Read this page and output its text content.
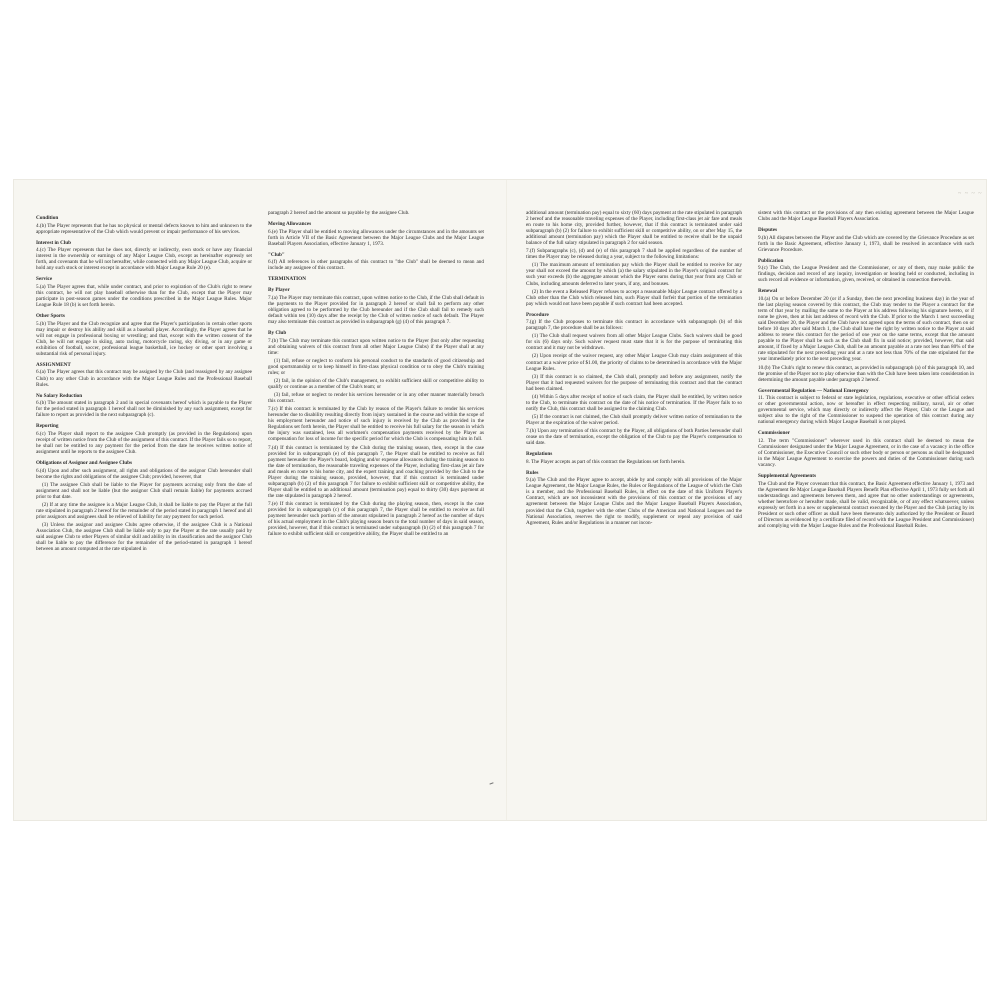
~ ~ ~ ~
Condition
4.(b) The Player represents that he has no physical or mental defects known to him and unknown to the appropriate representative of the Club which would prevent or impair performance of his services.
Interest in Club
4.(c) The Player represents that he does not, directly or indirectly, own stock or have any financial interest in the ownership or earnings of any Major League Club, except as hereinafter expressly set forth, and covenants that he will not hereafter, while connected with any Major League Club, acquire or hold any such stock or interest except in accordance with Major League Rule 20 (e).
Service
5.(a) The Player agrees that, while under contract, and prior to expiration of the Club's right to renew this contract, he will not play baseball otherwise than for the Club, except that the Player may participate in post-season games under the conditions prescribed in the Major League Rules. Major League Rule 18 (b) is set forth herein.
Other Sports
5.(b) The Player and the Club recognize and agree that the Player's participation in certain other sports may impair or destroy his ability and skill as a baseball player. Accordingly, the Player agrees that he will not engage in professional boxing or wrestling; and that, except with the written consent of the Club, he will not engage in skiing, auto racing, motorcycle racing, sky diving, or in any game or exhibition of football, soccer, professional league basketball, ice hockey or other sport involving a substantial risk of personal injury.
ASSIGNMENT
6.(a) The Player agrees that this contract may be assigned by the Club (and reassigned by any assignee Club) to any other Club in accordance with the Major League Rules and the Professional Baseball Rules.
No Salary Reduction
6.(b) The amount stated in paragraph 2 and in special covenants hereof which is payable to the Player for the period stated in paragraph 1 hereof shall not be diminished by any such assignment, except for failure to report as provided in the next subparagraph (c).
Reporting
6.(c) The Player shall report to the assignee Club promptly (as provided in the Regulations) upon receipt of written notice from the Club of the assignment of this contract. If the Player fails so to report, he shall not be entitled to any payment for the period from the date he receives written notice of assignment until he reports to the assignee Club.
Obligations of Assignor and Assignee Clubs
6.(d) Upon and after such assignment, all rights and obligations of the assignor Club hereunder shall become the rights and obligations of the assignee Club; provided, however, that
(1) The assignee Club shall be liable to the Player for payments accruing only from the date of assignment and shall not be liable (but the assignor Club shall remain liable) for payments accrued prior to that date.
(2) If at any time the assignee is a Major League Club, it shall be liable to pay the Player at the full rate stipulated in paragraph 2 hereof for the remainder of the period stated in paragraph 1 hereof and all prior assignors and assignees shall be relieved of liability for any payment for such period.
(3) Unless the assignor and assignee Clubs agree otherwise, if the assignee Club is a National Association Club, the assignee Club shall be liable only to pay the Player at the rate usually paid by said assignee Club to other Players of similar skill and ability in its classification and the assignor Club shall be liable to pay the difference for the remainder of the period-stated in paragraph 1 hereof between an amount computed at the rate stipulated in
paragraph 2 hereof and the amount so payable by the assignee Club.
Moving Allowances
6.(e) The Player shall be entitled to moving allowances under the circumstances and in the amounts set forth in Article VII of the Basic Agreement between the Major League Clubs and the Major League Baseball Players Association, effective January 1, 1973.
"Club"
6.(f) All references in other paragraphs of this contract to "the Club" shall be deemed to mean and include any assignee of this contract.
TERMINATION
By Player
7.(a) The Player may terminate this contract, upon written notice to the Club, if the Club shall default in the payments to the Player provided for in paragraph 2 hereof or shall fail to perform any other obligation agreed to be performed by the Club hereunder and if the Club shall fail to remedy such default within ten (10) days after the receipt by the Club of written notice of such default. The Player may also terminate this contract as provided in subparagraph (g) (4) of this paragraph 7.
By Club
7.(b) The Club may terminate this contract upon written notice to the Player (but only after requesting and obtaining waivers of this contract from all other Major League Clubs) if the Player shall at any time:
(1) fail, refuse or neglect to conform his personal conduct to the standards of good citizenship and good sportsmanship or to keep himself in first-class physical condition or to obey the Club's training rules; or
(2) fail, in the opinion of the Club's management, to exhibit sufficient skill or competitive ability to qualify or continue as a member of the Club's team; or
(3) fail, refuse or neglect to render his services hereunder or in any other manner materially breach this contract.
7.(c) If this contract is terminated by the Club by reason of the Player's failure to render his services hereunder due to disability resulting directly from injury sustained in the course and within the scope of his employment hereunder and notice of such injury is received by the Club as provided in the Regulations set forth herein, the Player shall be entitled to receive his full salary for the season in which the injury was sustained, less all workmen's compensation payments received by the Player as compensation for loss of income for the specific period for which the Club is compensating him in full.
7.(d) If this contract is terminated by the Club during the training season, then, except in the case provided for in subparagraph (e) of this paragraph 7, the Player shall be entitled to receive as full payment hereunder the Player's board, lodging and/or expense allowances during the training season to the date of termination, the reasonable traveling expenses of the Player, including first-class jet air fare and meals en route to his home city, and the expert training and coaching provided by the Club to the Player during the training season, provided, however, that if this contract is terminated under subparagraph (b) (2) of this paragraph 7 for failure to exhibit sufficient skill or competitive ability, the Player shall be entitled to an additional amount (termination pay) equal to thirty (30) days payment at the rate stipulated in paragraph 2 hereof.
7.(e) If this contract is terminated by the Club during the playing season, then, except in the case provided for in subparagraph (c) of this paragraph 7, the Player shall be entitled to receive as full payment hereunder such portion of the amount stipulated in paragraph 2 hereof as the number of days of his actual employment in the Club's playing season bears to the total number of days in said season, provided, however, that if this contract is terminated under subparagraph (b) (2) of this paragraph 7 for failure to exhibit sufficient skill or competitive ability, the Player shall be entitled to an
additional amount (termination pay) equal to sixty (60) days payment at the rate stipulated in paragraph 2 hereof and the reasonable traveling expenses of the Player, including first-class jet air fare and meals en route to his home city, provided further, however, that if this contract is terminated under said subparagraph (b) (2) for failure to exhibit sufficient skill or competitive ability, on or after May 15, the additional amount (termination pay) which the Player shall be entitled to receive shall be the unpaid balance of the full salary stipulated in paragraph 2 for said season.
7.(f) Subparagraphs (c), (d) and (e) of this paragraph 7 shall be applied regardless of the number of times the Player may be released during a year, subject to the following limitations:
(1) The maximum amount of termination pay which the Player shall be entitled to receive for any year shall not exceed the amount by which (a) the salary stipulated in the Player's original contract for such year exceeds (b) the aggregate amount which the Player earns during that year from any Club or Clubs, including amounts deferred to later years, if any, and bonuses.
(2) In the event a Released Player refuses to accept a reasonable Major League contract offered by a Club other than the Club which released him, such Player shall forfeit that portion of the termination pay which would not have been payable if such contract had been accepted.
Procedure
7.(g) If the Club proposes to terminate this contract in accordance with subparagraph (b) of this paragraph 7, the procedure shall be as follows:
(1) The Club shall request waivers from all other Major League Clubs. Such waivers shall be good for six (6) days only. Such waiver request must state that it is for the purpose of terminating this contract and it may not be withdrawn.
(2) Upon receipt of the waiver request, any other Major League Club may claim assignment of this contract at a waiver price of $1.00, the priority of claims to be determined in accordance with the Major League Rules.
(3) If this contract is so claimed, the Club shall, promptly and before any assignment, notify the Player that it had requested waivers for the purpose of terminating this contract and that the contract had been claimed.
(4) Within 5 days after receipt of notice of such claim, the Player shall be entitled, by written notice to the Club, to terminate this contract on the date of his notice of termination. If the Player fails to so notify the Club, this contract shall be assigned to the claiming Club.
(5) If the contract is not claimed, the Club shall promptly deliver written notice of termination to the Player at the expiration of the waiver period.
7.(h) Upon any termination of this contract by the Player, all obligations of both Parties hereunder shall cease on the date of termination, except the obligation of the Club to pay the Player's compensation to said date.
Regulations
8. The Player accepts as part of this contract the Regulations set forth herein.
Rules
9.(a) The Club and the Player agree to accept, abide by and comply with all provisions of the Major League Agreement, the Major League Rules, the Rules or Regulations of the League of which the Club is a member, and the Professional Baseball Rules, in effect on the date of this Uniform Player's Contract, which are not inconsistent with the provisions of this contract or the provisions of any agreement between the Major League Clubs and the Major League Baseball Players Association, provided that the Club, together with the other Clubs of the American and National Leagues and the National Association, reserves the right to modify, supplement or repeal any provision of said Agreement, Rules and/or Regulations in a manner not incon-
sistent with this contract or the provisions of any then existing agreement between the Major League Clubs and the Major League Baseball Players Association.
Disputes
9.(b) All disputes between the Player and the Club which are covered by the Grievance Procedure as set forth in the Basic Agreement, effective January 1, 1973, shall be resolved in accordance with such Grievance Procedure.
Publication
9.(c) The Club, the League President and the Commissioner, or any of them, may make public the findings, decision and record of any inquiry, investigation or hearing held or conducted, including in such record all evidence or information, given, received, or obtained in connection therewith.
Renewal
10.(a) On or before December 20 (or if a Sunday, then the next preceding business day) in the year of the last playing season covered by this contract, the Club may tender to the Player a contract for the term of that year by mailing the same to the Player at his address following his signature hereto, or if none be given, then at his last address of record with the Club. If prior to the March 1 next succeeding said December 20, the Player and the Club have not agreed upon the terms of such contract, then on or before 10 days after said March 1, the Club shall have the right by written notice to the Player at said address to renew this contract for the period of one year on the same terms, except that the amount payable to the Player shall be such as the Club shall fix in said notice; provided, however, that said amount, if fixed by a Major League Club, shall be an amount payable at a rate not less than 80% of the rate stipulated for the next preceding year and at a rate not less than 70% of the rate stipulated for the year immediately prior to the next preceding year.
10.(b) The Club's right to renew this contract, as provided in subparagraph (a) of this paragraph 10, and the promise of the Player not to play otherwise than with the Club have been taken into consideration in determining the amount payable under paragraph 2 hereof.
Governmental Regulation — National Emergency
11. This contract is subject to federal or state legislation, regulations, executive or other official orders or other governmental action, now or hereafter in effect respecting military, naval, air or other governmental service, which may directly or indirectly affect the Player, Club or the League and subject also to the right of the Commissioner to suspend the operation of this contract during any national emergency during which Major League Baseball is not played.
Commissioner
12. The term "Commissioner" wherever used in this contract shall be deemed to mean the Commissioner designated under the Major League Agreement, or in the case of a vacancy in the office of Commissioner, the Executive Council or such other body or person or persons as shall be designated in the Major League Agreement to exercise the powers and duties of the Commissioner during such vacancy.
Supplemental Agreements
The Club and the Player covenant that this contract, the Basic Agreement effective January 1, 1973 and the Agreement Re Major League Baseball Players Benefit Plan effective April 1, 1973 fully set forth all understandings and agreements between them, and agree that no other understandings or agreements, whether heretofore or hereafter made, shall be valid, recognizable, or of any effect whatsoever, unless expressly set forth in a new or supplemental contract executed by the Player and the Club (acting by its President or such other officer as shall have been thereunto duly authorized by the President or Board of Directors as evidenced by a certificate filed of record with the League President and Commissioner) and complying with the Major League Rules and the Professional Baseball Rules.
